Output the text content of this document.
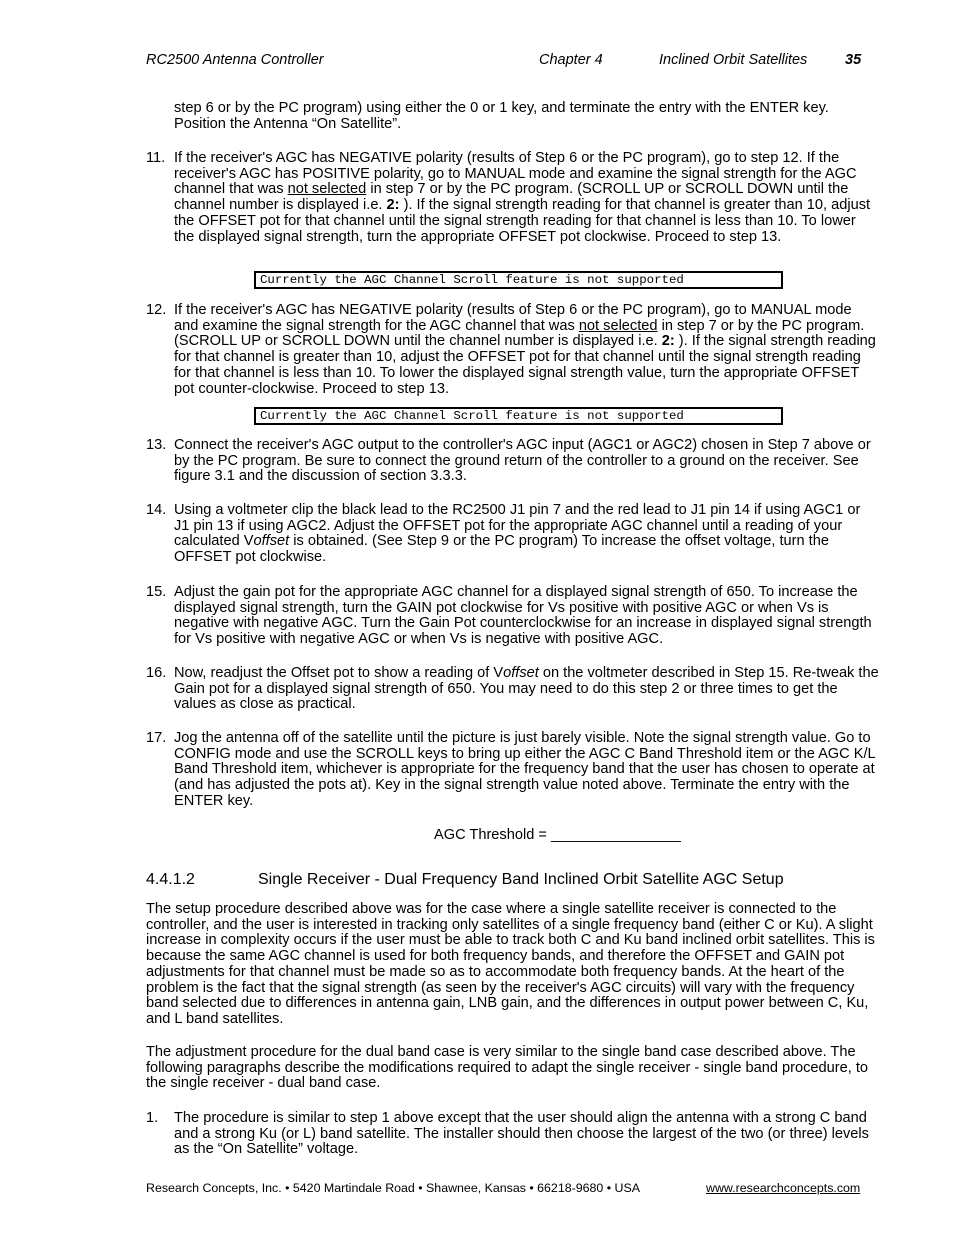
RC2500 Antenna Controller	Chapter 4	Inclined Orbit Satellites	35
step 6 or by the PC program) using either the 0 or 1 key, and terminate the entry with the ENTER key. Position the Antenna “On Satellite”.
11. If the receiver's AGC has NEGATIVE polarity (results of Step 6 or the PC program), go to step 12. If the receiver's AGC has POSITIVE polarity, go to MANUAL mode and examine the signal strength for the AGC channel that was not selected in step 7 or by the PC program. (SCROLL UP or SCROLL DOWN until the channel number is displayed i.e. 2: ). If the signal strength reading for that channel is greater than 10, adjust the OFFSET pot for that channel until the signal strength reading for that channel is less than 10. To lower the displayed signal strength, turn the appropriate OFFSET pot clockwise. Proceed to step 13.
Currently the AGC Channel Scroll feature is not supported
12. If the receiver's AGC has NEGATIVE polarity (results of Step 6 or the PC program), go to MANUAL mode and examine the signal strength for the AGC channel that was not selected in step 7 or by the PC program. (SCROLL UP or SCROLL DOWN until the channel number is displayed i.e. 2: ). If the signal strength reading for that channel is greater than 10, adjust the OFFSET pot for that channel until the signal strength reading for that channel is less than 10. To lower the displayed signal strength value, turn the appropriate OFFSET pot counter-clockwise. Proceed to step 13.
Currently the AGC Channel Scroll feature is not supported
13. Connect the receiver's AGC output to the controller's AGC input (AGC1 or AGC2) chosen in Step 7 above or by the PC program. Be sure to connect the ground return of the controller to a ground on the receiver. See figure 3.1 and the discussion of section 3.3.3.
14. Using a voltmeter clip the black lead to the RC2500 J1 pin 7 and the red lead to J1 pin 14 if using AGC1 or J1 pin 13 if using AGC2. Adjust the OFFSET pot for the appropriate AGC channel until a reading of your calculated Voffset is obtained. (See Step 9 or the PC program) To increase the offset voltage, turn the OFFSET pot clockwise.
15. Adjust the gain pot for the appropriate AGC channel for a displayed signal strength of 650. To increase the displayed signal strength, turn the GAIN pot clockwise for Vs positive with positive AGC or when Vs is negative with negative AGC. Turn the Gain Pot counterclockwise for an increase in displayed signal strength for Vs positive with negative AGC or when Vs is negative with positive AGC.
16. Now, readjust the Offset pot to show a reading of Voffset on the voltmeter described in Step 15. Re-tweak the Gain pot for a displayed signal strength of 650. You may need to do this step 2 or three times to get the values as close as practical.
17. Jog the antenna off of the satellite until the picture is just barely visible. Note the signal strength value. Go to CONFIG mode and use the SCROLL keys to bring up either the AGC C Band Threshold item or the AGC K/L Band Threshold item, whichever is appropriate for the frequency band that the user has chosen to operate at (and has adjusted the pots at). Key in the signal strength value noted above. Terminate the entry with the ENTER key.
AGC Threshold = ________________
4.4.1.2	Single Receiver - Dual Frequency Band Inclined Orbit Satellite AGC Setup
The setup procedure described above was for the case where a single satellite receiver is connected to the controller, and the user is interested in tracking only satellites of a single frequency band (either C or Ku). A slight increase in complexity occurs if the user must be able to track both C and Ku band inclined orbit satellites. This is because the same AGC channel is used for both frequency bands, and therefore the OFFSET and GAIN pot adjustments for that channel must be made so as to accommodate both frequency bands. At the heart of the problem is the fact that the signal strength (as seen by the receiver's AGC circuits) will vary with the frequency band selected due to differences in antenna gain, LNB gain, and the differences in output power between C, Ku, and L band satellites.
The adjustment procedure for the dual band case is very similar to the single band case described above. The following paragraphs describe the modifications required to adapt the single receiver - single band procedure, to the single receiver - dual band case.
1.	The procedure is similar to step 1 above except that the user should align the antenna with a strong C band and a strong Ku (or L) band satellite. The installer should then choose the largest of the two (or three) levels as the “On Satellite” voltage.
Research Concepts, Inc. • 5420 Martindale Road • Shawnee, Kansas • 66218-9680 • USA	www.researchconcepts.com
